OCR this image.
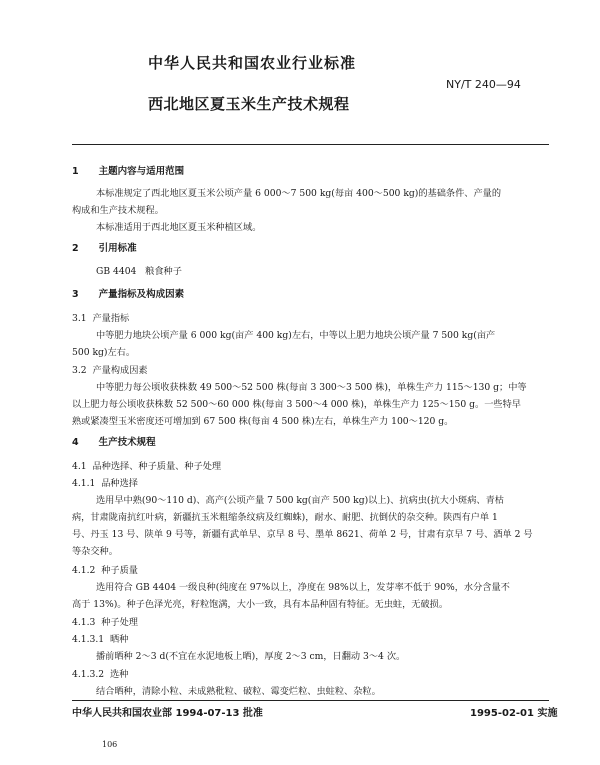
中华人民共和国农业行业标准
NY/T 240—94
西北地区夏玉米生产技术规程
1 主题内容与适用范围
本标准规定了西北地区夏玉米公顷产量 6 000～7 500 kg(每亩 400～500 kg)的基础条件、产量的
构成和生产技术规程。
本标准适用于西北地区夏玉米种植区域。
2 引用标准
GB 4404 粮食种子
3 产量指标及构成因素
3.1 产量指标
中等肥力地块公顷产量 6 000 kg(亩产 400 kg)左右，中等以上肥力地块公顷产量 7 500 kg(亩产
500 kg)左右。
3.2 产量构成因素
中等肥力每公顷收获株数 49 500～52 500 株(每亩 3 300～3 500 株)，单株生产力 115～130 g；中等
以上肥力每公顷收获株数 52 500～60 000 株(每亩 3 500～4 000 株)，单株生产力 125～150 g。一些特早
熟或紧凑型玉米密度还可增加到 67 500 株(每亩 4 500 株)左右，单株生产力 100～120 g。
4 生产技术规程
4.1 品种选择、种子质量、种子处理
4.1.1 品种选择
选用早中熟(90～110 d)、高产(公顷产量 7 500 kg(亩产 500 kg)以上)、抗病虫(抗大小斑病、青枯
病，甘肃陇南抗红叶病，新疆抗玉米粗缩条纹病及红蜘蛛)，耐水、耐肥、抗倒伏的杂交种。陕西有户单 1
号、丹玉 13 号、陕单 9 号等，新疆有武单早、京早 8 号、墨单 8621、荷单 2 号，甘肃有京早 7 号、酒单 2 号
等杂交种。
4.1.2 种子质量
选用符合 GB 4404 一级良种(纯度在 97%以上，净度在 98%以上，发芽率不低于 90%，水分含量不
高于 13%)。种子色泽光亮，籽粒饱满，大小一致，具有本品种固有特征。无虫蛀，无破损。
4.1.3 种子处理
4.1.3.1 晒种
播前晒种 2～3 d(不宜在水泥地板上晒)，厚度 2～3 cm，日翻动 3～4 次。
4.1.3.2 选种
结合晒种，清除小粒、未成熟秕粒、破粒、霉变烂粒、虫蛀粒、杂粒。
中华人民共和国农业部 1994-07-13 批准	1995-02-01 实施
106
